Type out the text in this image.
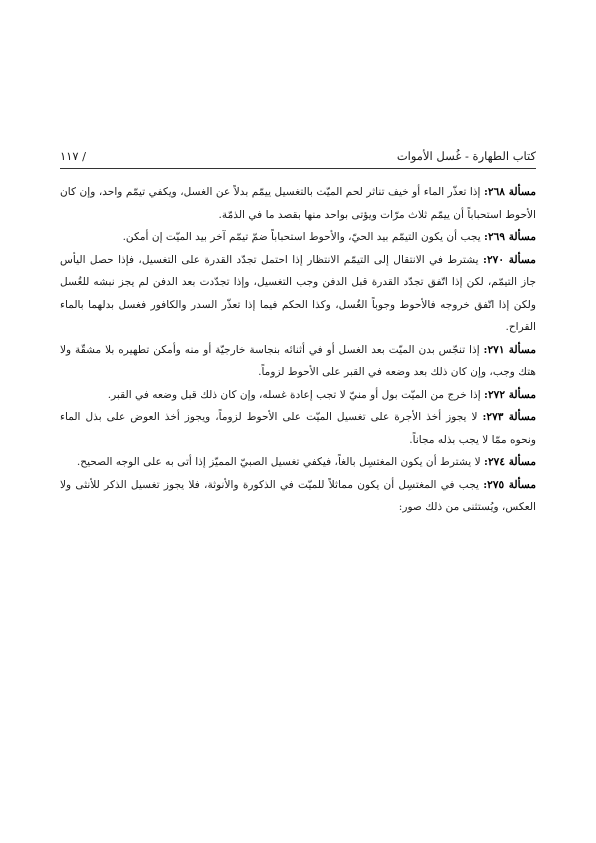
كتاب الطهارة - غُسل الأموات
/ ١١٧

مسألة ٢٦٨: إذا تعذّر الماء أو خيف تناثر لحم الميّت بالتغسيل ييمّم بدلاً عن الغسل، ويكفي تيمّم واحد، وإن كان الأحوط استحباباً أن ييمّم ثلاث مرّات ويؤتى بواحد منها بقصد ما في الذمّة.

مسألة ٢٦٩: يجب أن يكون التيمّم بيد الحيّ، والأحوط استحباباً ضمّ تيمّم آخر بيد الميّت إن أمكن.

مسألة ٢٧٠: يشترط في الانتقال إلى التيمّم الانتظار إذا احتمل تجدّد القدرة على التغسيل، فإذا حصل اليأس جاز التيمّم، لكن إذا اتّفق تجدّد القدرة قبل الدفن وجب التغسيل، وإذا تجدّدت بعد الدفن لم يجز نبشه للغُسل ولكن إذا اتّفق خروجه فالأحوط وجوباً الغُسل، وكذا الحكم فيما إذا تعذّر السدر والكافور فغسل بدلهما بالماء القراح.

مسألة ٢٧١: إذا تنجّس بدن الميّت بعد الغسل أو في أثنائه بنجاسة خارجيّة أو منه وأمكن تطهيره بلا مشقّة ولا هتك وجب، وإن كان ذلك بعد وضعه في القبر على الأحوط لزوماً.

مسألة ٢٧٢: إذا خرج من الميّت بول أو منيّ لا تجب إعادة غسله، وإن كان ذلك قبل وضعه في القبر.

مسألة ٢٧٣: لا يجوز أخذ الأجرة على تغسيل الميّت على الأحوط لزوماً، ويجوز أخذ العوض على بذل الماء ونحوه ممّا لا يجب بذله مجاناً.

مسألة ٢٧٤: لا يشترط أن يكون المغتسِل بالغاً، فيكفي تغسيل الصبيّ المميّز إذا أتى به على الوجه الصحيح.

مسألة ٢٧٥: يجب في المغتسِل أن يكون مماثلاً للميّت في الذكورة والأنوثة، فلا يجوز تغسيل الذكر للأنثى ولا العكس، ويُستثنى من ذلك صور:
